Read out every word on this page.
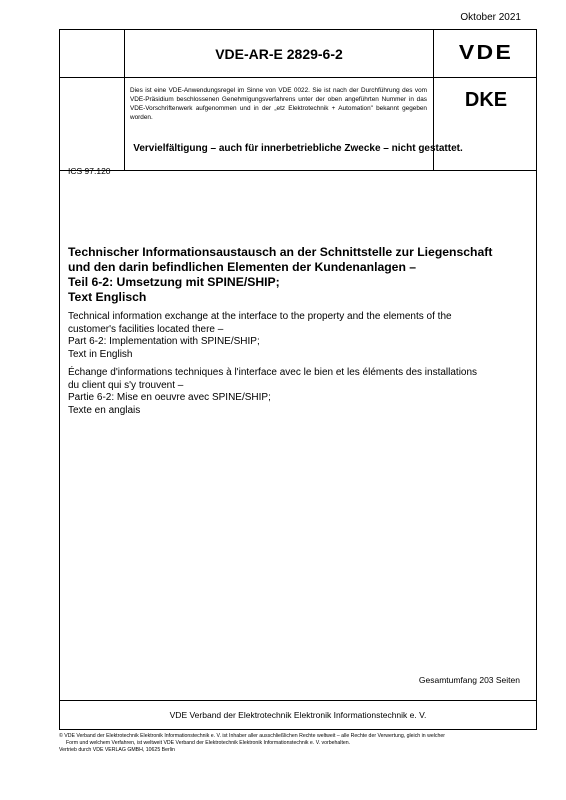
Oktober 2021
VDE-AR-E 2829-6-2	VDE
Dies ist eine VDE-Anwendungsregel im Sinne von VDE 0022. Sie ist nach der Durchführung des vom VDE-Präsidium beschlossenen Genehmigungsverfahrens unter der oben angeführten Nummer in das VDE-Vorschriftenwerk aufgenommen und in der „etz Elektrotechnik + Automation" bekannt gegeben worden.
DKE
Vervielfältigung – auch für innerbetriebliche Zwecke – nicht gestattet.
ICS 97.120
Technischer Informationsaustausch an der Schnittstelle zur Liegenschaft
und den darin befindlichen Elementen der Kundenanlagen –
Teil 6-2: Umsetzung mit SPINE/SHIP;
Text Englisch
Technical information exchange at the interface to the property and the elements of the
customer's facilities located there –
Part 6-2: Implementation with SPINE/SHIP;
Text in English
Échange d'informations techniques à l'interface avec le bien et les éléments des installations
du client qui s'y trouvent –
Partie 6-2: Mise en oeuvre avec SPINE/SHIP;
Texte en anglais
Gesamtumfang 203 Seiten
VDE Verband der Elektrotechnik Elektronik Informationstechnik e. V.
© VDE Verband der Elektrotechnik Elektronik Informationstechnik e. V. ist Inhaber aller ausschließlichen Rechte weltweit – alle Rechte der Verwertung, gleich in welcher
Form und welchem Verfahren, ist weltweit VDE Verband der Elektrotechnik Elektronik Informationstechnik e. V. vorbehalten.
Vertrieb durch VDE VERLAG GMBH, 10625 Berlin
